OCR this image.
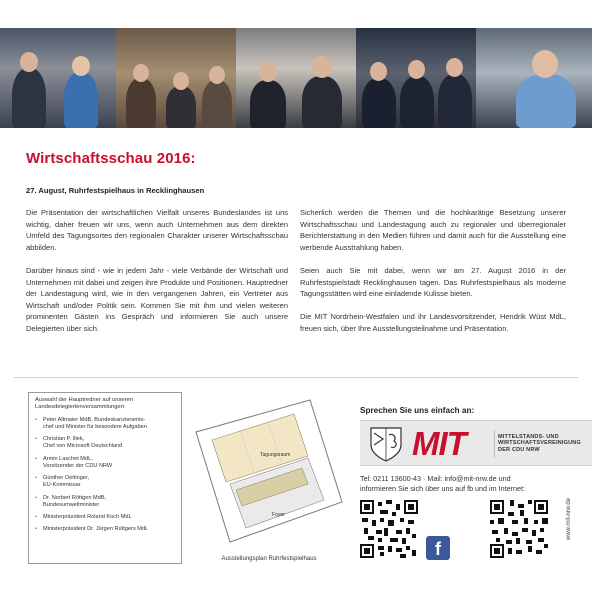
Wirtschaftsschau 2016:
27. August, Ruhrfestspielhaus in Recklinghausen

Die Präsentation der wirtschaftlichen Vielfalt unseres Bundeslandes ist uns wichtig, daher freuen wir uns, wenn auch Unternehmen aus dem direkten Umfeld des Tagungsortes den regionalen Charakter unserer Wirtschaftsschau abbilden.

Darüber hinaus sind - wie in jedem Jahr - viele Verbände der Wirtschaft und Unternehmen mit dabei und zeigen ihre Produkte und Positionen. Hauptredner der Landestagung wird, wie in den vergangenen Jahren, ein Vertreter aus Wirtschaft und/oder Politik sein. Kommen Sie mit ihm und vielen weiteren prominenten Gästen ins Gespräch und informieren Sie auch unsere Delegierten über sich.

Sicherlich werden die Themen und die hochkarätige Besetzung unserer Wirtschaftsschau und Landestagung auch zu regionaler und überregionaler Berichterstattung in den Medien führen und damit auch für die Ausstellung eine werbende Ausstrahlung haben.

Seien auch Sie mit dabei, wenn wir am 27. August 2016 in der Ruhrfestspielstadt Recklinghausen tagen. Das Ruhrfestspielhaus als moderne Tagungsstätten wird eine einladende Kulisse bieten.

Die MIT Nordrhein-Westfalen und ihr Landesvorsitzender, Hendrik Wüst MdL, freuen sich, über Ihre Ausstellungsteilnahme und Präsentation.

Auswahl der Hauptredner auf unseren Landesdelegiertenversammlungen:
• Peter Altmaier MdB, Bundeskanzleramts-
chef und Minister für besondere Aufgaben
• Christian P. Illek,
Chef von Microsoft Deutschland
• Armin Laschet MdL,
Vorsitzender der CDU NRW
• Günther Oettinger,
EU-Kommissar
• Dr. Norbert Röttgen MdB,
Bundesumweltminister
• Ministerpräsident Roland Koch MdL
• Ministerpräsident Dr. Jürgen Rüttgers MdL
Tagungsraum
Foyer
Ausstellungsplan Ruhrfestspielhaus
Sprechen Sie uns einfach an:
MIT	MITTELSTANDS- UND
WIRTSCHAFTSVEREINIGUNG
DER CDU NRW
Tel: 0211 13600-43 · Mail: info@mit-nrw.de und
informieren Sie sich über uns auf fb und im Internet:
f
www.mit-nrw.de
